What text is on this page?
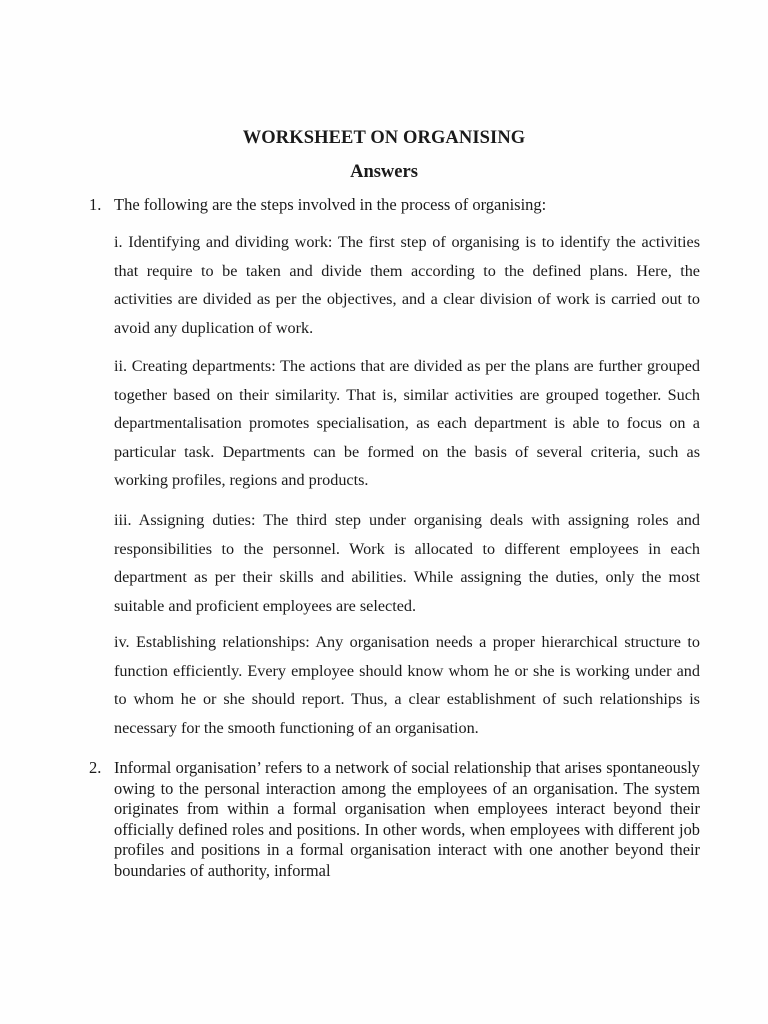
WORKSHEET ON ORGANISING
Answers
1. The following are the steps involved in the process of organising:
i. Identifying and dividing work: The first step of organising is to identify the activities that require to be taken and divide them according to the defined plans. Here, the activities are divided as per the objectives, and a clear division of work is carried out to avoid any duplication of work.
ii. Creating departments: The actions that are divided as per the plans are further grouped together based on their similarity. That is, similar activities are grouped together. Such departmentalisation promotes specialisation, as each department is able to focus on a particular task. Departments can be formed on the basis of several criteria, such as working profiles, regions and products.
iii. Assigning duties: The third step under organising deals with assigning roles and responsibilities to the personnel. Work is allocated to different employees in each department as per their skills and abilities. While assigning the duties, only the most suitable and proficient employees are selected.
iv. Establishing relationships: Any organisation needs a proper hierarchical structure to function efficiently. Every employee should know whom he or she is working under and to whom he or she should report. Thus, a clear establishment of such relationships is necessary for the smooth functioning of an organisation.
2. Informal organisation’ refers to a network of social relationship that arises spontaneously owing to the personal interaction among the employees of an organisation. The system originates from within a formal organisation when employees interact beyond their officially defined roles and positions. In other words, when employees with different job profiles and positions in a formal organisation interact with one another beyond their boundaries of authority, informal
